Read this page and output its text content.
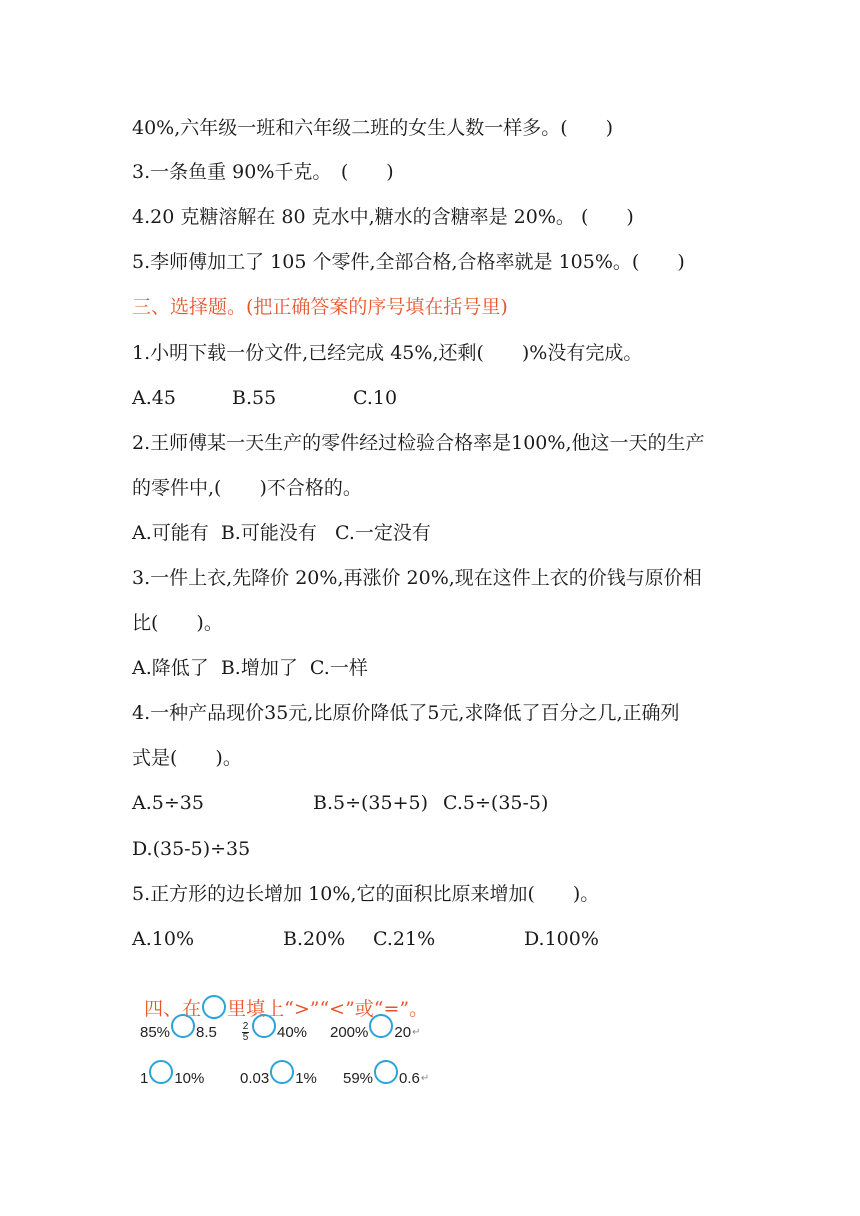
40%,六年级一班和六年级二班的女生人数一样多。(　　)
3.一条鱼重 90%千克。　(　　)
4.20 克糖溶解在 80 克水中,糖水的含糖率是 20%。 (　　)
5.李师傅加工了 105 个零件,全部合格,合格率就是 105%。(　　)
三、选择题。(把正确答案的序号填在括号里)
1.小明下载一份文件,已经完成 45%,还剩(　　)%没有完成。
A.45	B.55	C.10
2.王师傅某一天生产的零件经过检验合格率是100%,他这一天的生产
的零件中,(　　)不合格的。
A.可能有  B.可能没有   C.一定没有
3.一件上衣,先降价 20%,再涨价 20%,现在这件上衣的价钱与原价相
比(　　)。
A.降低了  B.增加了  C.一样
4.一种产品现价35元,比原价降低了5元,求降低了百分之几,正确列
式是(　　)。
A.5÷35	B.5÷(35+5) C.5÷(35-5)
D.(35-5)÷35
5.正方形的边长增加 10%,它的面积比原来增加(　　)。
A.10%	B.20% C.21%	D.100%

四、在 里填上“>”“<”或“=”。

85% 8.5	$\frac{2}{5} 40\%$ 200% 20 ↵
1 10% 0.03 1% 59% 0.6 ↵
